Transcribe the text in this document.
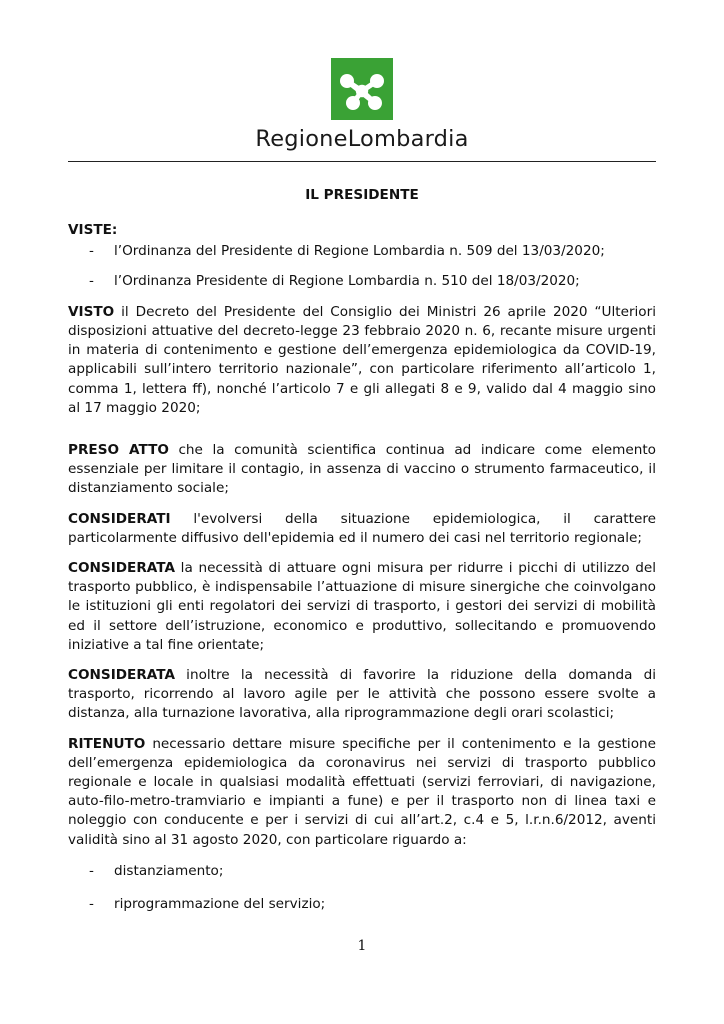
RegioneLombardia
IL PRESIDENTE
VISTE:
- l’Ordinanza del Presidente di Regione Lombardia n. 509 del 13/03/2020;
- l’Ordinanza Presidente di Regione Lombardia n. 510 del 18/03/2020;

VISTO il Decreto del Presidente del Consiglio dei Ministri 26 aprile 2020 “Ulteriori disposizioni attuative del decreto-legge 23 febbraio 2020 n. 6, recante misure urgenti in materia di contenimento e gestione dell’emergenza epidemiologica da COVID-19, applicabili sull’intero territorio nazionale”, con particolare riferimento all’articolo 1, comma 1, lettera ff), nonché l’articolo 7 e gli allegati 8 e 9, valido dal 4 maggio sino al 17 maggio 2020;

PRESO ATTO che la comunità scientifica continua ad indicare come elemento essenziale per limitare il contagio, in assenza di vaccino o strumento farmaceutico, il distanziamento sociale;

CONSIDERATI l'evolversi della situazione epidemiologica, il carattere particolarmente diffusivo dell'epidemia ed il numero dei casi nel territorio regionale;

CONSIDERATA la necessità di attuare ogni misura per ridurre i picchi di utilizzo del trasporto pubblico, è indispensabile l’attuazione di misure sinergiche che coinvolgano le istituzioni gli enti regolatori dei servizi di trasporto, i gestori dei servizi di mobilità ed il settore dell’istruzione, economico e produttivo, sollecitando e promuovendo iniziative a tal fine orientate;

CONSIDERATA inoltre la necessità di favorire la riduzione della domanda di trasporto, ricorrendo al lavoro agile per le attività che possono essere svolte a distanza, alla turnazione lavorativa, alla riprogrammazione degli orari scolastici;

RITENUTO necessario dettare misure specifiche per il contenimento e la gestione dell’emergenza epidemiologica da coronavirus nei servizi di trasporto pubblico regionale e locale in qualsiasi modalità effettuati (servizi ferroviari, di navigazione, auto-filo-metro-tramviario e impianti a fune) e per il trasporto non di linea taxi e noleggio con conducente e per i servizi di cui all’art.2, c.4 e 5, l.r.n.6/2012, aventi validità sino al 31 agosto 2020, con particolare riguardo a:

- distanziamento;
- riprogrammazione del servizio;
1
